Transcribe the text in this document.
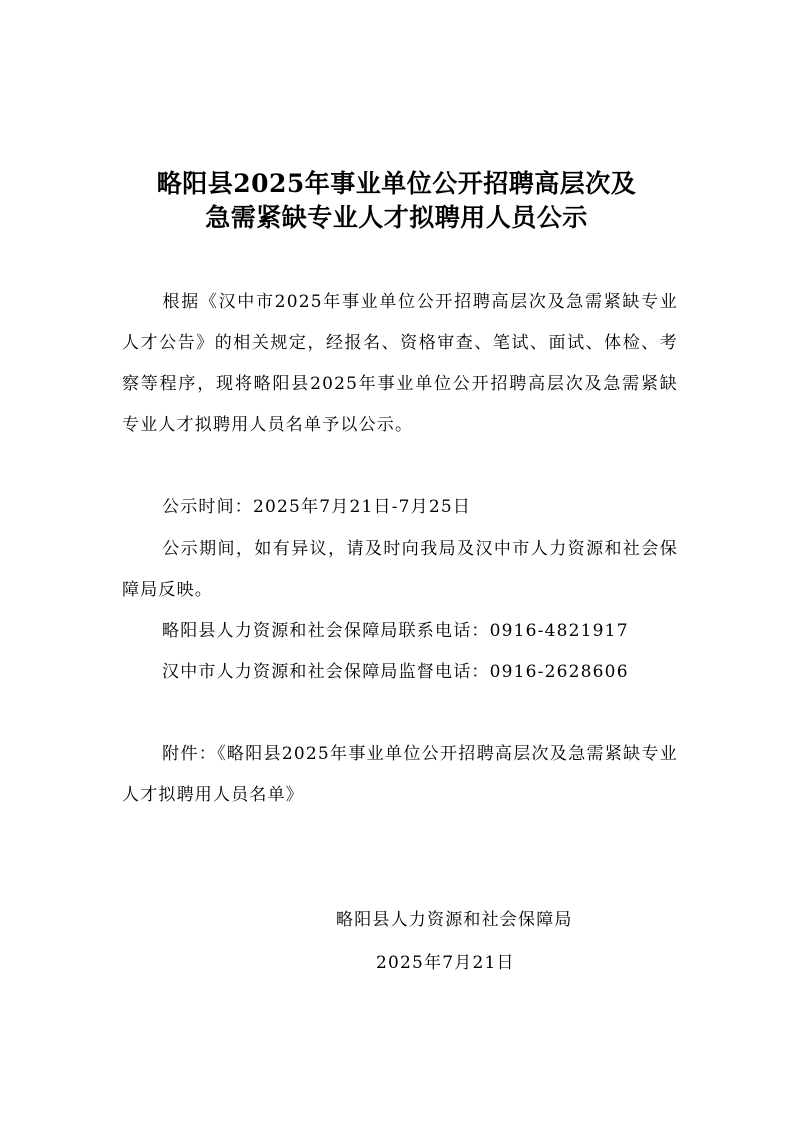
略阳县2025年事业单位公开招聘高层次及
急需紧缺专业人才拟聘用人员公示
根据《汉中市2025年事业单位公开招聘高层次及急需紧缺专业人才公告》的相关规定，经报名、资格审查、笔试、面试、体检、考察等程序，现将略阳县2025年事业单位公开招聘高层次及急需紧缺专业人才拟聘用人员名单予以公示。
公示时间：2025年7月21日-7月25日
公示期间，如有异议，请及时向我局及汉中市人力资源和社会保障局反映。
略阳县人力资源和社会保障局联系电话：0916-4821917
汉中市人力资源和社会保障局监督电话：0916-2628606
附件：《略阳县2025年事业单位公开招聘高层次及急需紧缺专业人才拟聘用人员名单》
略阳县人力资源和社会保障局
2025年7月21日
